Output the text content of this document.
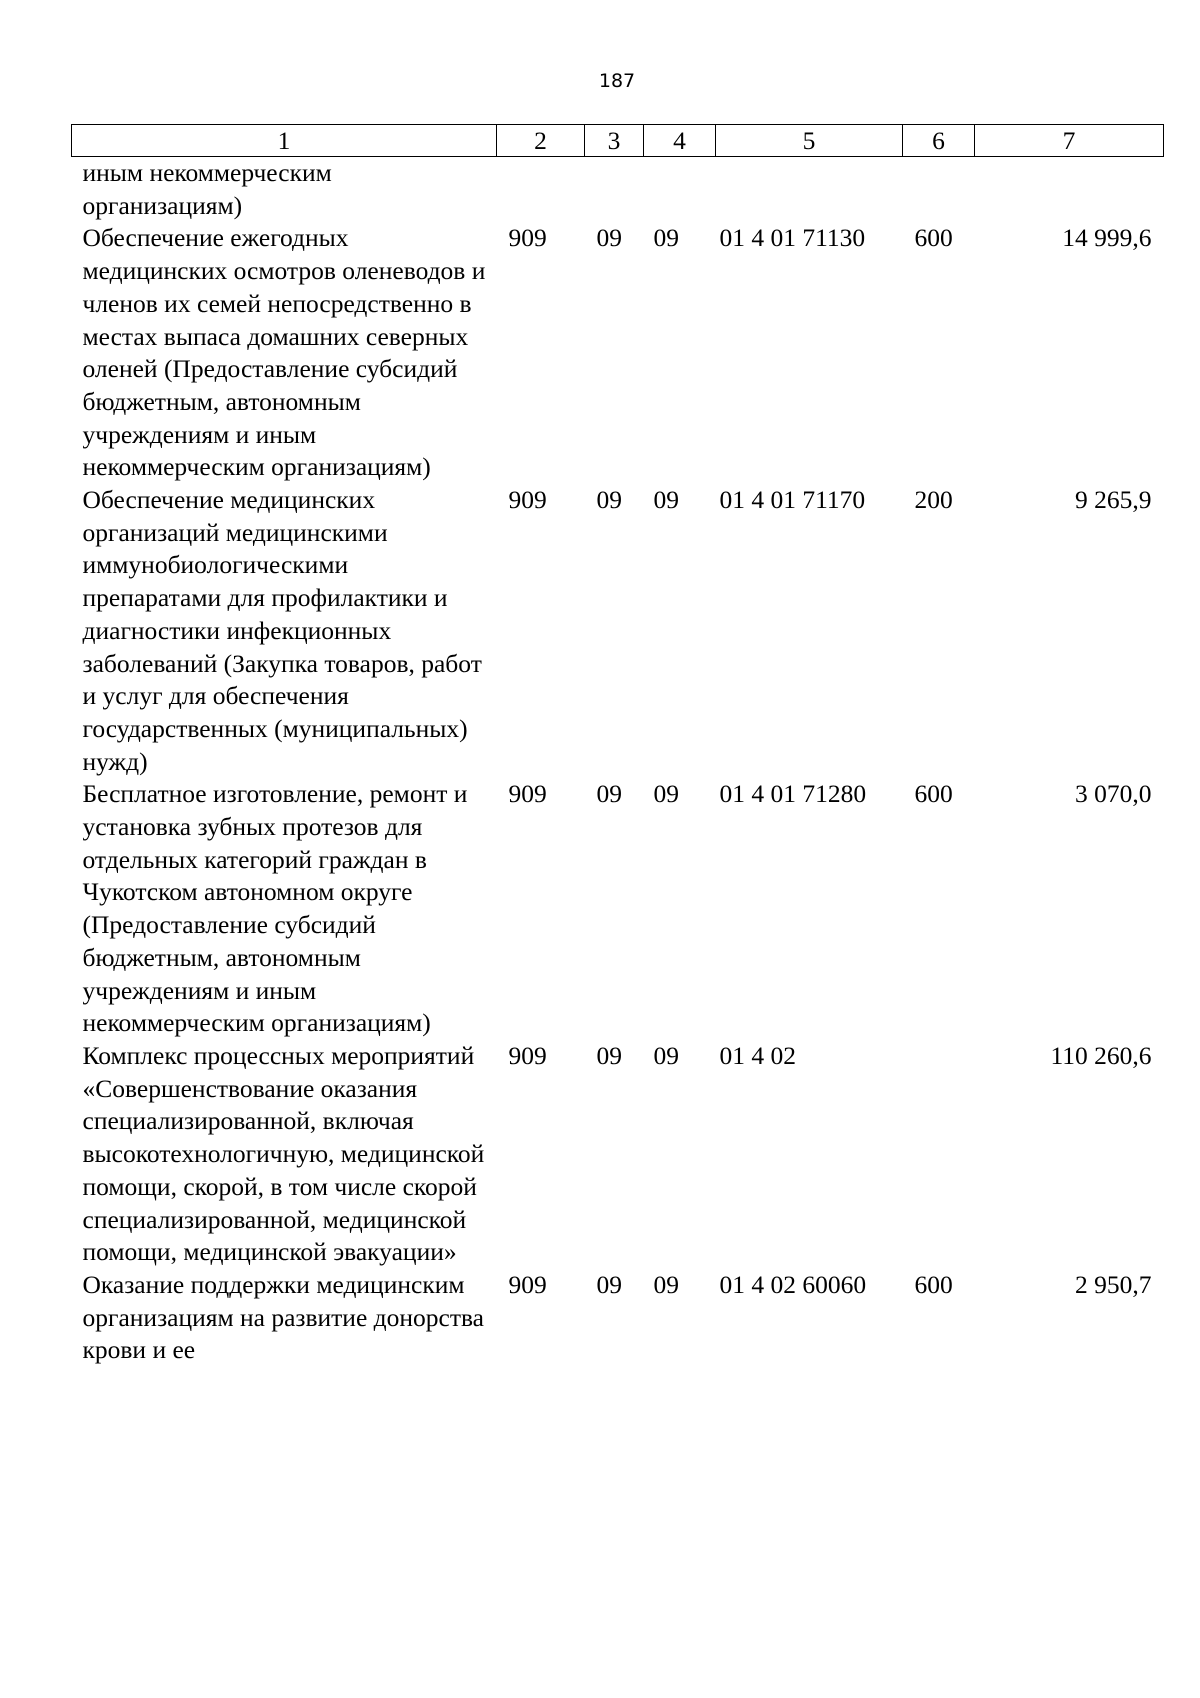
187
1	2	3	4	5	6	7
иным некоммерческим организациям)						
Обеспечение ежегодных медицинских осмотров оленеводов и членов их семей непосредственно в местах выпаса домашних северных оленей (Предоставление субсидий бюджетным, автономным учреждениям и иным некоммерческим организациям)	909	09	09	01 4 01 71130	600	14 999,6
Обеспечение медицинских организаций медицинскими иммунобиологическими препаратами для профилактики и диагностики инфекционных заболеваний (Закупка товаров, работ и услуг для обеспечения государственных (муниципальных) нужд)	909	09	09	01 4 01 71170	200	9 265,9
Бесплатное изготовление, ремонт и установка зубных протезов для отдельных категорий граждан в Чукотском автономном округе (Предоставление субсидий бюджетным, автономным учреждениям и иным некоммерческим организациям)	909	09	09	01 4 01 71280	600	3 070,0
Комплекс процессных мероприятий «Совершенствование оказания специализированной, включая высокотехнологичную, медицинской помощи, скорой, в том числе скорой специализированной, медицинской помощи, медицинской эвакуации»	909	09	09	01 4 02		110 260,6
Оказание поддержки медицинским организациям на развитие донорства крови и ее	909	09	09	01 4 02 60060	600	2 950,7
